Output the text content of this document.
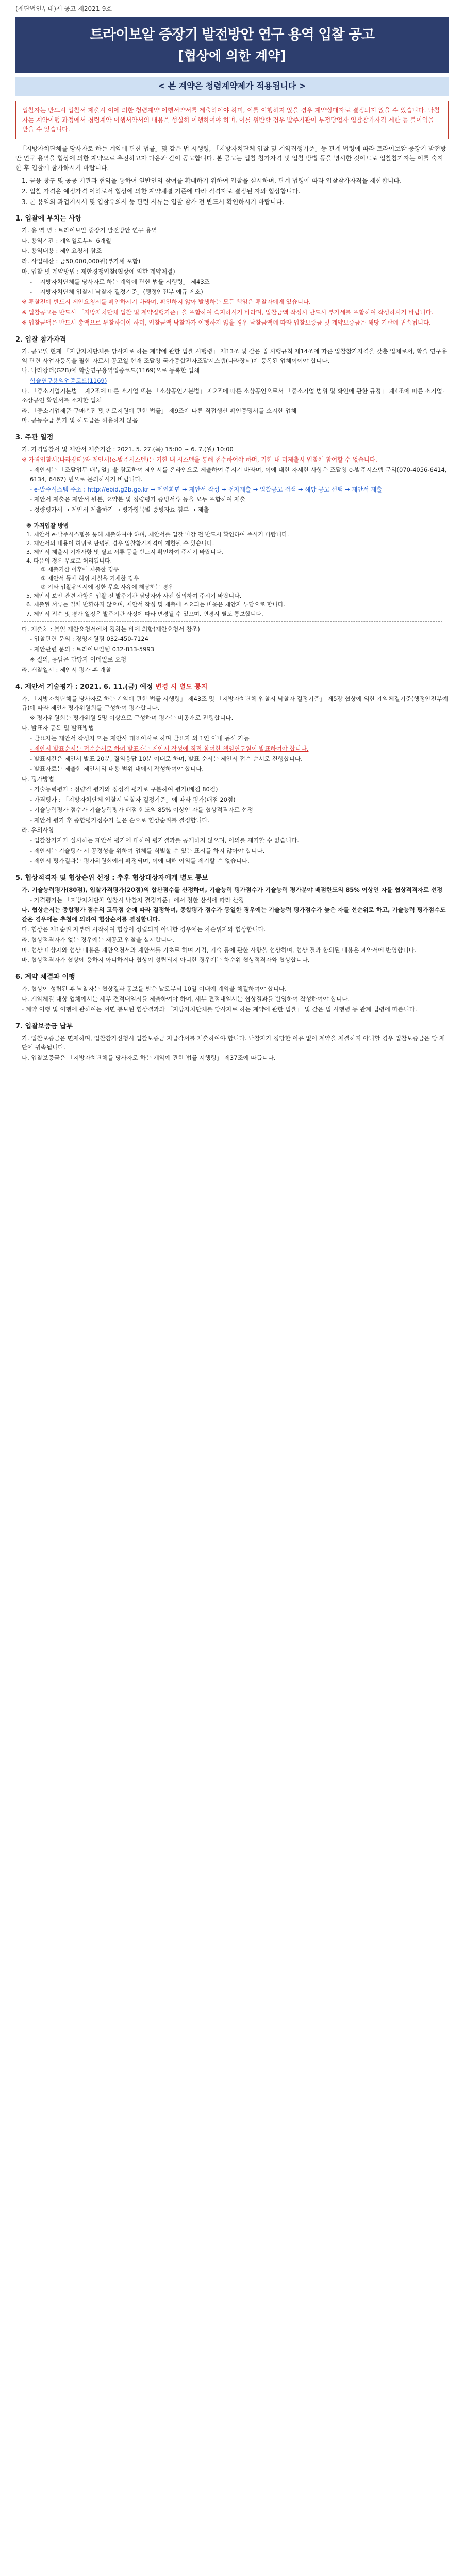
(재단법인부대)제 공고 제2021-9호
트라이보알 증장기 발전방안 연구 용역 입찰 공고
[협상에 의한 계약]
< 본 계약은 청렴계약제가 적용됩니다 >
입찰자는 반드시 입찰서 제출시 이에 의한 청렴계약 이행서약서를 제출하여야 하며, 이를 이행하지 않을 경우 계약상대자로 결정되지 않을 수 있습니다. 낙찰자는 계약이행 과정에서 청렴계약 이행서약서의 내용을 성실히 이행하여야 하며, 이를 위반할 경우 발주기관이 부정당업자 입찰참가자격 제한 등 불이익을 받을 수 있습니다.
「지방자치단체를 당사자로 하는 계약에 관한 법률」및 같은 법 시행령, 「지방자치단체 입찰 및 계약집행기준」등 관계 법령에 따라 트라이보알 중장기 발전방안 연구 용역을 협상에 의한 계약으로 추진하고자 다음과 같이 공고합니다. 본 공고는 입찰 참가자격 및 입찰 방법 등을 명시한 것이므로 입찰참가자는 이를 숙지한 후 입찰에 참가하시기 바랍니다.
1. 금융 창구 및 공공 기관과 협약을 통하여 일반인의 참여를 확대하기 위하여 입찰을 실시하며, 관계 법령에 따라 입찰참가자격을 제한합니다.
2. 입찰 가격은 예정가격 이하로서 협상에 의한 계약체결 기준에 따라 적격자로 결정된 자와 협상합니다.
3. 본 용역의 과업지시서 및 입찰유의서 등 관련 서류는 입찰 참가 전 반드시 확인하시기 바랍니다.
1. 입찰에 부치는 사항
가. 용 역 명 : 트라이보알 중장기 발전방안 연구 용역
나. 용역기간 : 계약일로부터 6개월
다. 용역내용 : 제안요청서 참조
라. 사업예산 : 금50,000,000원(부가세 포함)
마. 입찰 및 계약방법 : 제한경쟁입찰(협상에 의한 계약체결)
- 「지방자치단체를 당사자로 하는 계약에 관한 법률 시행령」 제43조
- 「지방자치단체 입찰시 낙찰자 결정기준」(행정안전부 예규 제호)
※ 투찰전에 반드시 제안요청서를 확인하시기 바라며, 확인하지 않아 발생하는 모든 책임은 투찰자에게 있습니다.
※ 입찰공고는 반드시 「지방자치단체 입찰 및 계약집행기준」을 포함하여 숙지하시기 바라며, 입찰금액 작성시 반드시 부가세를 포함하여 작성하시기 바랍니다.
※ 입찰금액은 반드시 총액으로 투찰하여야 하며, 입찰금액 낙찰자가 이행하지 않을 경우 낙찰금액에 따라 입찰보증금 및 계약보증금은 해당 기관에 귀속됩니다.
2. 입찰 참가자격
가. 공고일 현재 「지방자치단체를 당사자로 하는 계약에 관한 법률 시행령」 제13조 및 같은 법 시행규칙 제14조에 따른 입찰참가자격을 갖춘 업체로서, 학술 연구용역 관련 사업자등록을 필한 자로서 공고일 현재 조달청 국가종합전자조달시스템(나라장터)에 등록된 업체이어야 합니다.
나. 나라장터(G2B)에 학술연구용역업종코드(1169)으로 등록한 업체
학술연구용역업종코드(1169)
다. 「중소기업기본법」 제2조에 따른 소기업 또는 「소상공인기본법」 제2조에 따른 소상공인으로서 「중소기업 범위 및 확인에 관한 규정」 제4조에 따른 소기업·소상공인 확인서를 소지한 업체
라. 「중소기업제품 구매촉진 및 판로지원에 관한 법률」 제9조에 따른 직접생산 확인증명서를 소지한 업체
마. 공동수급 불가 및 하도급은 허용하지 않음
3. 주관 일정
가. 가격입찰서 및 제안서 제출기간 : 2021. 5. 27.(목) 15:00 ~ 6. 7.(월) 10:00
※ 가격입찰서(나라장터)와 제안서(e-발주시스템)는 기한 내 시스템을 통해 접수하여야 하며, 기한 내 미제출시 입찰에 참여할 수 없습니다.
- 제안서는 「조달업무 매뉴얼」을 참고하여 제안서를 온라인으로 제출하여 주시기 바라며, 이에 대한 자세한 사항은 조달청 e-발주시스템 문의(070-4056-6414, 6134, 6467) 번으로 문의하시기 바랍니다.
- e-발주시스템 주소 : http://ebid.g2b.go.kr → 메인화면 → 제안서 작성 → 전자제출 → 입찰공고 검색 → 해당 공고 선택 → 제안서 제출
- 제안서 제출은 제안서 원본, 요약본 및 정량평가 증빙서류 등을 모두 포함하여 제출
- 정량평가서 → 제안서 제출하기 → 평가항목별 증빙자료 첨부 → 제출
※ 가격입찰 방법
1. 제안서 e-발주시스템을 통해 제출하여야 하며, 제안서를 입찰 마감 전 반드시 확인하여 주시기 바랍니다.
2. 제안서의 내용이 허위로 판명될 경우 입찰참가자격이 제한될 수 있습니다.
3. 제안서 제출시 기재사항 및 필요 서류 등을 반드시 확인하여 주시기 바랍니다.
4. 다음의 경우 무효로 처리됩니다.
① 제출기한 이후에 제출한 경우
② 제안서 등에 허위 사실을 기재한 경우
③ 기타 입찰유의서에 정한 무효 사유에 해당하는 경우
5. 제안서 보안 관련 사항은 입찰 전 발주기관 담당자와 사전 협의하여 주시기 바랍니다.
6. 제출된 서류는 일체 반환하지 않으며, 제안서 작성 및 제출에 소요되는 비용은 제안자 부담으로 합니다.
7. 제안서 접수 및 평가 일정은 발주기관 사정에 따라 변경될 수 있으며, 변경시 별도 통보합니다.
다. 제출처 : 불일 제안요청서에서 정하는 바에 의함(제안요청서 참조)
- 입찰관련 문의 : 경영지원팀 032-450-7124
- 제안관련 문의 : 트라이보알팀 032-833-5993
※ 질의, 응답은 담당자 이메일로 요청
라. 개찰일시 : 제안서 평가 후 개찰
4. 제안서 기술평가 : 2021. 6. 11.(금) 예정 변경 시 별도 통지
가. 「지방자치단체를 당사자로 하는 계약에 관한 법률 시행령」 제43조 및 「지방자치단체 입찰시 낙찰자 결정기준」 제5장 협상에 의한 계약체결기준(행정안전부예규)에 따라 제안서평가위원회를 구성하여 평가합니다.
※ 평가위원회는 평가위원 5명 이상으로 구성하며 평가는 비공개로 진행합니다.
나. 발표자 등록 및 발표방법
- 발표자는 제안서 작성자 또는 제안사 대표이사로 하며 발표자 외 1인 이내 동석 가능
- 제안서 발표순서는 접수순서로 하며 발표자는 제안서 작성에 직접 참여한 책임연구원이 발표하여야 합니다.
- 발표시간은 제안서 발표 20분, 질의응답 10분 이내로 하며, 발표 순서는 제안서 접수 순서로 진행합니다.
- 발표자료는 제출한 제안서의 내용 범위 내에서 작성하여야 합니다.
다. 평가방법
- 기술능력평가 : 정량적 평가와 정성적 평가로 구분하여 평가(배점 80점)
- 가격평가 : 「지방자치단체 입찰시 낙찰자 결정기준」에 따라 평가(배점 20점)
- 기술능력평가 점수가 기술능력평가 배점 한도의 85% 이상인 자를 협상적격자로 선정
- 제안서 평가 후 종합평가점수가 높은 순으로 협상순위를 결정합니다.
라. 유의사항
- 입찰참가자가 실시하는 제안서 평가에 대하여 평가결과를 공개하지 않으며, 이의를 제기할 수 없습니다.
- 제안서는 기술평가 시 공정성을 위하여 업체를 식별할 수 있는 표시를 하지 않아야 합니다.
- 제안서 평가결과는 평가위원회에서 확정되며, 이에 대해 이의를 제기할 수 없습니다.
5. 협상적격자 및 협상순위 선정 : 추후 협상대상자에게 별도 통보
가. 기술능력평가(80점), 입찰가격평가(20점)의 합산점수를 산정하며, 기술능력 평가점수가 기술능력 평가분야 배점한도의 85% 이상인 자를 협상적격자로 선정
- 가격평가는 「지방자치단체 입찰시 낙찰자 결정기준」에서 정한 산식에 따라 산정
나. 협상순서는 종합평가 점수의 고득점 순에 따라 결정하며, 종합평가 점수가 동일한 경우에는 기술능력 평가점수가 높은 자를 선순위로 하고, 기술능력 평가점수도 같은 경우에는 추첨에 의하여 협상순서를 결정합니다.
다. 협상은 제1순위 자부터 시작하여 협상이 성립되지 아니한 경우에는 차순위자와 협상합니다.
라. 협상적격자가 없는 경우에는 재공고 입찰을 실시합니다.
마. 협상 대상자와 협상 내용은 제안요청서와 제안서를 기초로 하여 가격, 기술 등에 관한 사항을 협상하며, 협상 결과 합의된 내용은 계약서에 반영합니다.
바. 협상적격자가 협상에 응하지 아니하거나 협상이 성립되지 아니한 경우에는 차순위 협상적격자와 협상합니다.
6. 계약 체결과 이행
가. 협상이 성립된 후 낙찰자는 협상결과 통보를 받은 날로부터 10일 이내에 계약을 체결하여야 합니다.
나. 계약체결 대상 업체에서는 세부 견적내역서를 제출하여야 하며, 세부 견적내역서는 협상결과를 반영하여 작성하여야 합니다.
- 계약 이행 및 이행에 관하여는 서면 통보된 협상결과와 「지방자치단체를 당사자로 하는 계약에 관한 법률」 및 같은 법 시행령 등 관계 법령에 따릅니다.
7. 입찰보증금 납부
가. 입찰보증금은 면제하며, 입찰참가신청시 입찰보증금 지급각서를 제출하여야 합니다. 낙찰자가 정당한 이유 없이 계약을 체결하지 아니할 경우 입찰보증금은 당 재단에 귀속됩니다.
나. 입찰보증금은 「지방자치단체를 당사자로 하는 계약에 관한 법률 시행령」 제37조에 따릅니다.
